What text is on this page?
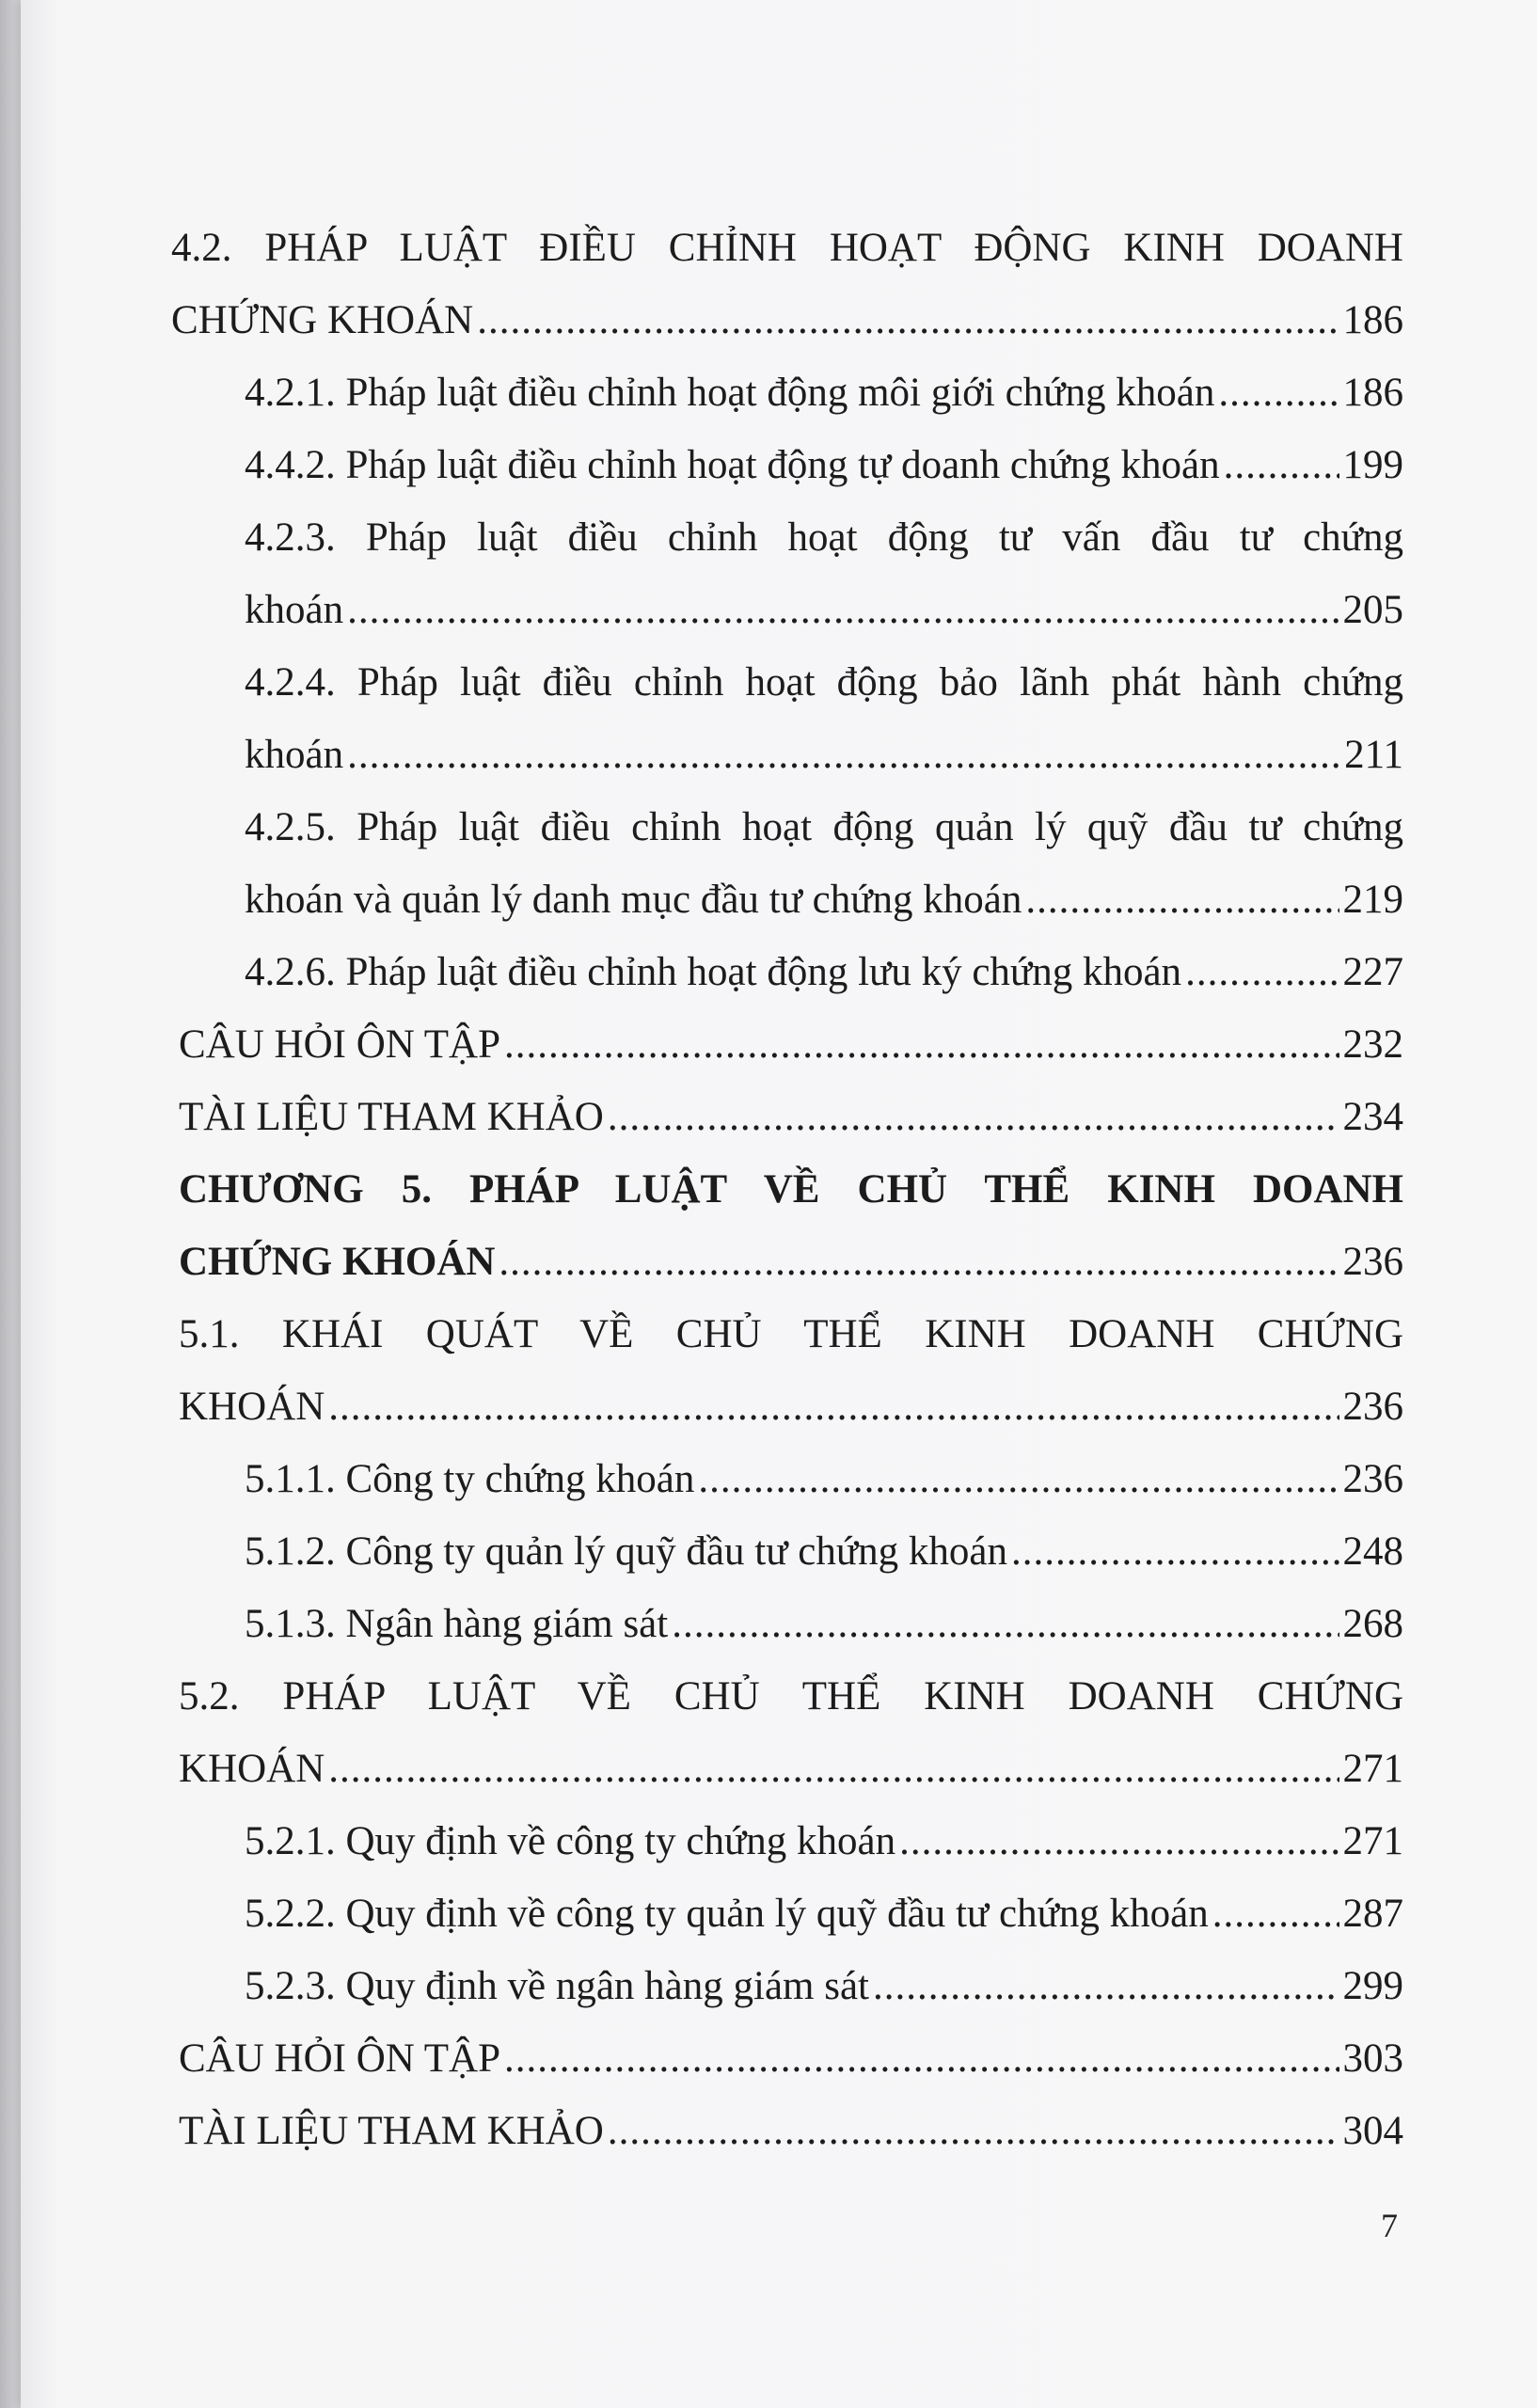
4.2. PHÁP LUẬT ĐIỀU CHỈNH HOẠT ĐỘNG KINH DOANH
CHỨNG KHOÁN .....	186
4.2.1. Pháp luật điều chỉnh hoạt động môi giới chứng khoán .....	186
4.4.2. Pháp luật điều chỉnh hoạt động tự doanh chứng khoán .....	199
4.2.3. Pháp luật điều chỉnh hoạt động tư vấn đầu tư chứng
khoán .....	205
4.2.4. Pháp luật điều chỉnh hoạt động bảo lãnh phát hành chứng
khoán .....	211
4.2.5. Pháp luật điều chỉnh hoạt động quản lý quỹ đầu tư chứng
khoán và quản lý danh mục đầu tư chứng khoán .....	219
4.2.6. Pháp luật điều chỉnh hoạt động lưu ký chứng khoán .....	227
CÂU HỎI ÔN TẬP .....	232
TÀI LIỆU THAM KHẢO .....	234
CHƯƠNG 5. PHÁP LUẬT VỀ CHỦ THỂ KINH DOANH
CHỨNG KHOÁN .....	236
5.1. KHÁI QUÁT VỀ CHỦ THỂ KINH DOANH CHỨNG
KHOÁN .....	236
5.1.1. Công ty chứng khoán .....	236
5.1.2. Công ty quản lý quỹ đầu tư chứng khoán .....	248
5.1.3. Ngân hàng giám sát .....	268
5.2. PHÁP LUẬT VỀ CHỦ THỂ KINH DOANH CHỨNG
KHOÁN .....	271
5.2.1. Quy định về công ty chứng khoán .....	271
5.2.2. Quy định về công ty quản lý quỹ đầu tư chứng khoán .....	287
5.2.3. Quy định về ngân hàng giám sát .....	299
CÂU HỎI ÔN TẬP .....	303
TÀI LIỆU THAM KHẢO .....	304
7
